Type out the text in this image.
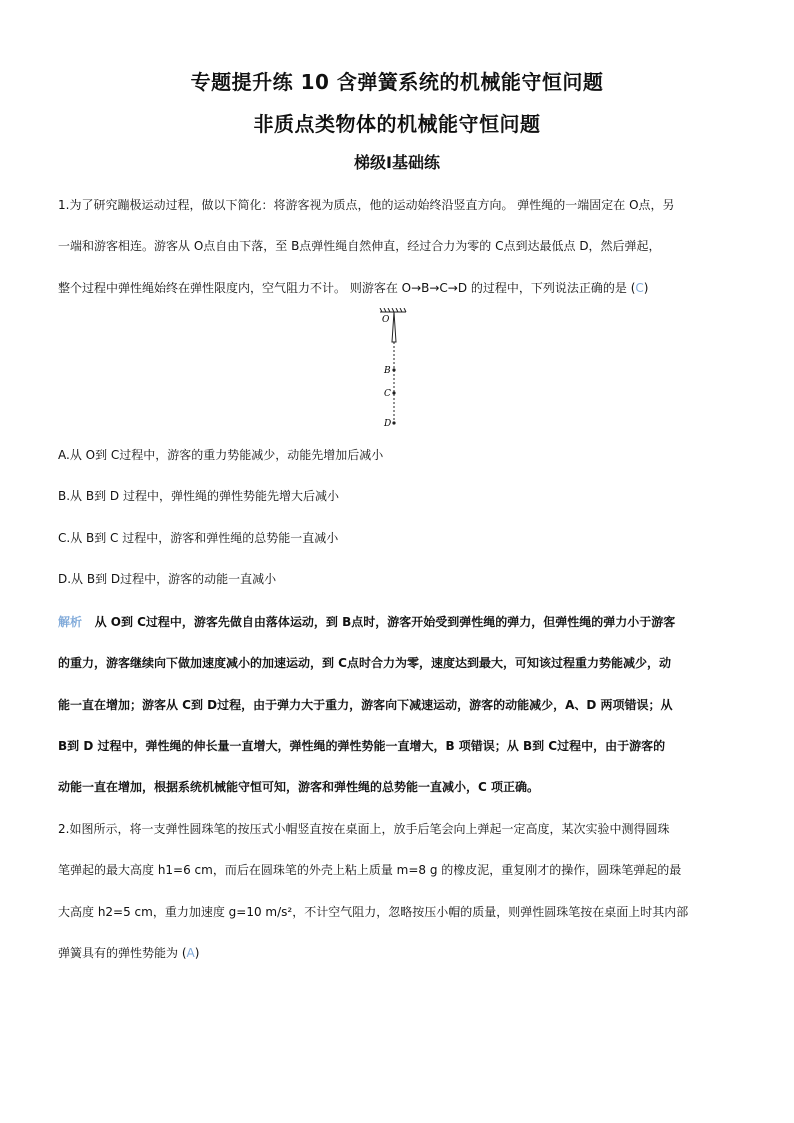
专题提升练 10 含弹簧系统的机械能守恒问题
非质点类物体的机械能守恒问题
梯级Ⅰ基础练
1.为了研究蹦极运动过程，做以下简化：将游客视为质点，他的运动始终沿竖直方向。 弹性绳的一端固定在 O点，另
一端和游客相连。游客从 O点自由下落，至 B点弹性绳自然伸直，经过合力为零的 C点到达最低点 D，然后弹起，
整个过程中弹性绳始终在弹性限度内，空气阻力不计。 则游客在 O→B→C→D 的过程中，下列说法正确的是 (C)
O
B
C
D
A.从 O到 C过程中，游客的重力势能减少，动能先增加后减小
B.从 B到 D 过程中，弹性绳的弹性势能先增大后减小
C.从 B到 C 过程中，游客和弹性绳的总势能一直减小
D.从 B到 D过程中，游客的动能一直减小
解析 从 O到 C过程中，游客先做自由落体运动，到 B点时，游客开始受到弹性绳的弹力，但弹性绳的弹力小于游客
的重力，游客继续向下做加速度减小的加速运动，到 C点时合力为零，速度达到最大，可知该过程重力势能减少，动
能一直在增加；游客从 C到 D过程，由于弹力大于重力，游客向下减速运动，游客的动能减少，A、D 两项错误；从
B到 D 过程中，弹性绳的伸长量一直增大，弹性绳的弹性势能一直增大，B 项错误；从 B到 C过程中，由于游客的
动能一直在增加，根据系统机械能守恒可知，游客和弹性绳的总势能一直减小，C 项正确。
2.如图所示，将一支弹性圆珠笔的按压式小帽竖直按在桌面上，放手后笔会向上弹起一定高度，某次实验中测得圆珠
笔弹起的最大高度 h1=6 cm，而后在圆珠笔的外壳上粘上质量 m=8 g 的橡皮泥，重复刚才的操作，圆珠笔弹起的最
大高度 h2=5 cm，重力加速度 g=10 m/s²，不计空气阻力，忽略按压小帽的质量，则弹性圆珠笔按在桌面上时其内部
弹簧具有的弹性势能为 (A)
